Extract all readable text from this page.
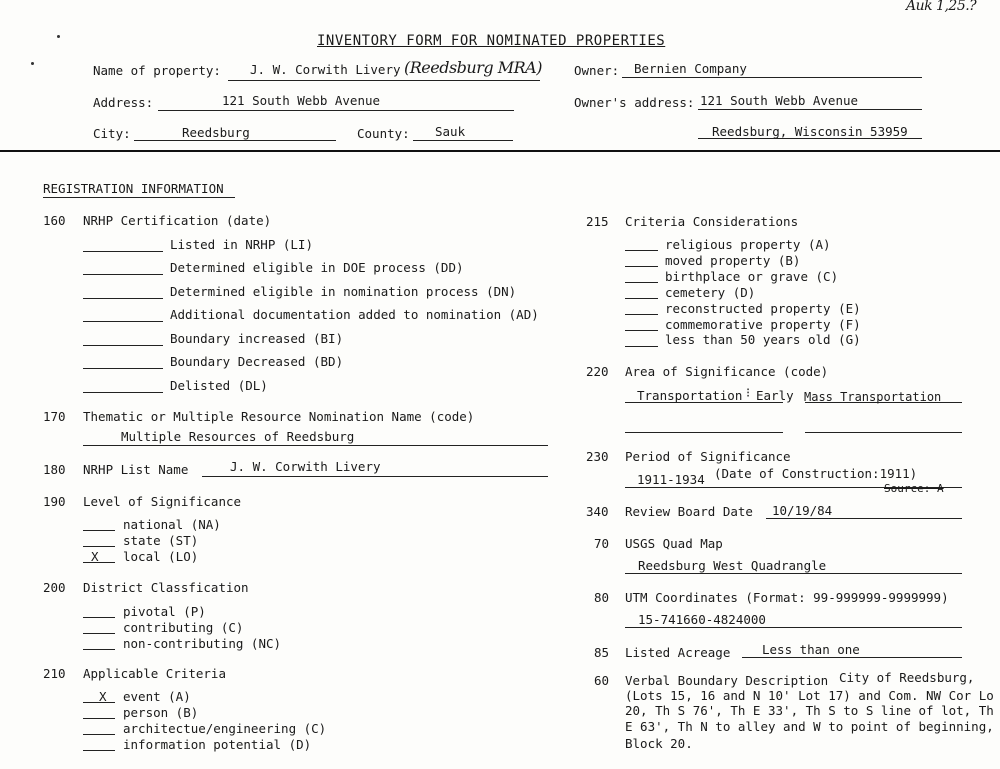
Auk 1,25.?
INVENTORY FORM FOR NOMINATED PROPERTIES
Name of property: J. W. Corwith Livery (Reedsburg MRA)	Owner: Bernien Company
Address:	121 South Webb Avenue	Owner's address: 121 South Webb Avenue
City:	Reedsburg	County: Sauk	Reedsburg, Wisconsin 53959
REGISTRATION INFORMATION
160 NRHP Certification (date)
Listed in NRHP (LI)
Determined eligible in DOE process (DD)
Determined eligible in nomination process (DN)
Additional documentation added to nomination (AD)
Boundary increased (BI)
Boundary Decreased (BD)
Delisted (DL)
170 Thematic or Multiple Resource Nomination Name (code)
Multiple Resources of Reedsburg
180 NRHP List Name	J. W. Corwith Livery
190 Level of Significance
national (NA)
state (ST)
X local (LO)
200 District Classfication
pivotal (P)
contributing (C)
non-contributing (NC)
210 Applicable Criteria
X event (A)
person (B)
architectue/engineering (C)
information potential (D)
215 Criteria Considerations
religious property (A)
moved property (B)
birthplace or grave (C)
cemetery (D)
reconstructed property (E)
commemorative property (F)
less than 50 years old (G)
220 Area of Significance (code)
Transportation ⁝ Early Mass Transportation
230 Period of Significance
1911-1934 (Date of Construction:1911)
Source: A
340 Review Board Date 10/19/84
70 USGS Quad Map
Reedsburg West Quadrangle
80 UTM Coordinates (Format: 99-999999-9999999)
15-741660-4824000
85 Listed Acreage	Less than one
60 Verbal Boundary Description City of Reedsburg,
(Lots 15, 16 and N 10' Lot 17) and Com. NW Cor Lo
20, Th S 76', Th E 33', Th S to S line of lot, Th
E 63', Th N to alley and W to point of beginning,
Block 20.
